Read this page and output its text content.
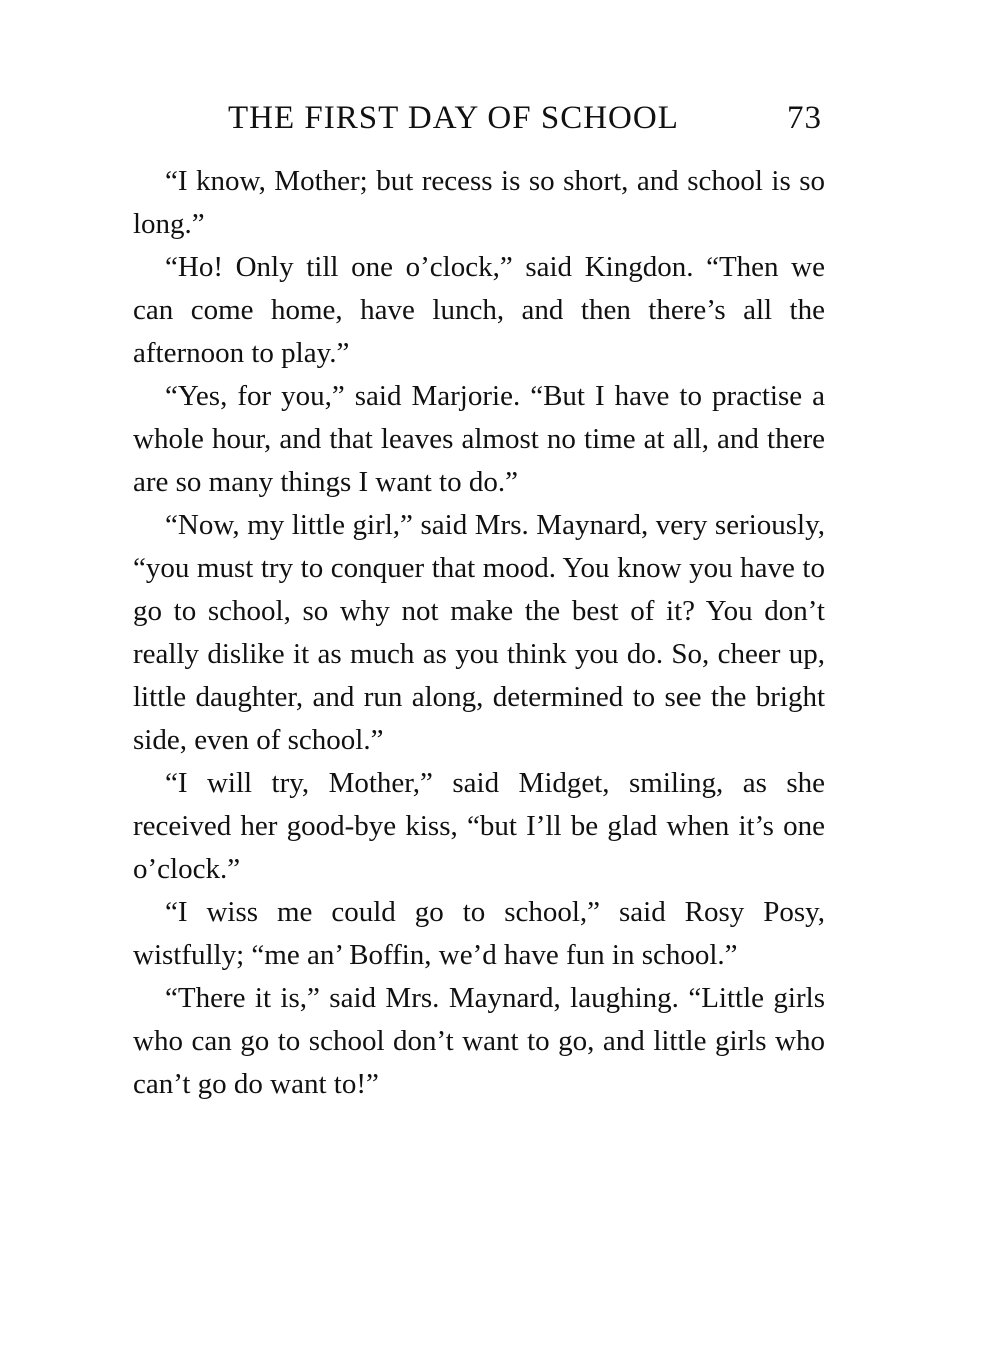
THE FIRST DAY OF SCHOOL	73

“I know, Mother; but recess is so short, and school is so long.”

“Ho! Only till one o’clock,” said Kingdon. “Then we can come home, have lunch, and then there’s all the afternoon to play.”

“Yes, for you,” said Marjorie. “But I have to practise a whole hour, and that leaves almost no time at all, and there are so many things I want to do.”

“Now, my little girl,” said Mrs. Maynard, very seriously, “you must try to conquer that mood. You know you have to go to school, so why not make the best of it? You don’t really dislike it as much as you think you do. So, cheer up, little daughter, and run along, determined to see the bright side, even of school.”

“I will try, Mother,” said Midget, smiling, as she received her good-bye kiss, “but I’ll be glad when it’s one o’clock.”

“I wiss me could go to school,” said Rosy Posy, wistfully; “me an’ Boffin, we’d have fun in school.”

“There it is,” said Mrs. Maynard, laughing. “Little girls who can go to school don’t want to go, and little girls who can’t go do want to!”
